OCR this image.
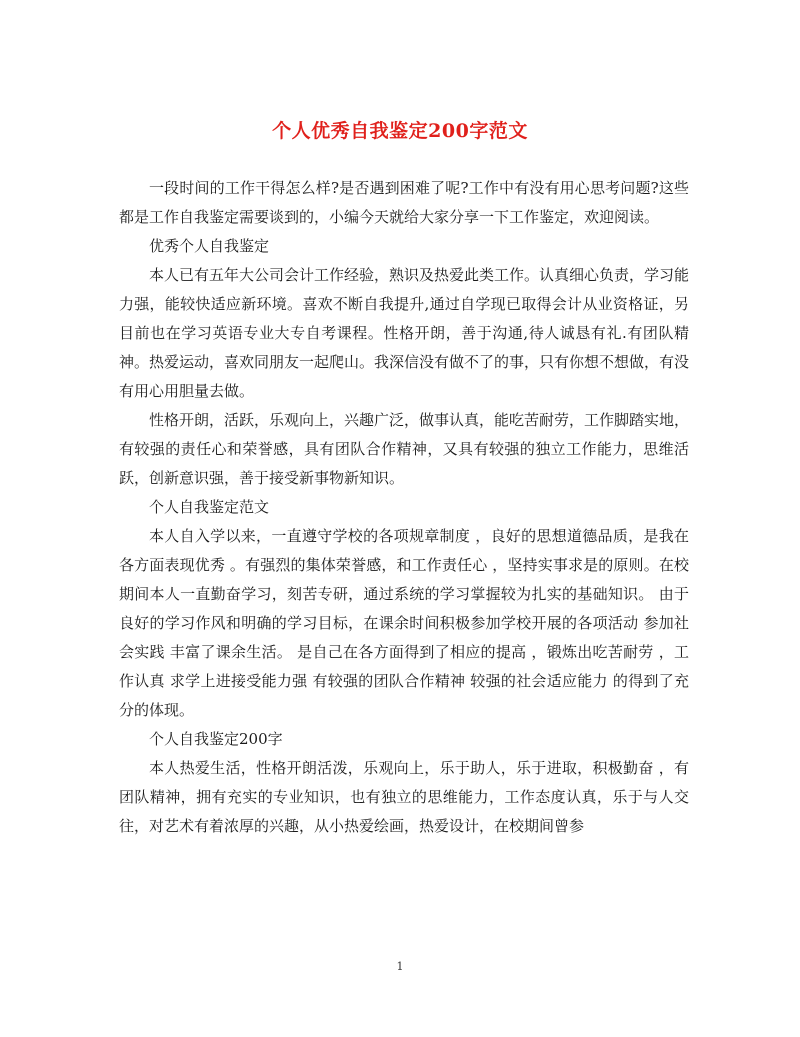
个人优秀自我鉴定200字范文

一段时间的工作干得怎么样?是否遇到困难了呢?工作中有没有用心思考问题?这些都是工作自我鉴定需要谈到的，小编今天就给大家分享一下工作鉴定，欢迎阅读。

优秀个人自我鉴定

本人已有五年大公司会计工作经验，熟识及热爱此类工作。认真细心负责，学习能力强，能较快适应新环境。喜欢不断自我提升,通过自学现已取得会计从业资格证，另目前也在学习英语专业大专自考课程。性格开朗，善于沟通,待人诚恳有礼.有团队精神。热爱运动，喜欢同朋友一起爬山。我深信没有做不了的事，只有你想不想做，有没有用心用胆量去做。

性格开朗，活跃，乐观向上，兴趣广泛，做事认真，能吃苦耐劳，工作脚踏实地，有较强的责任心和荣誉感，具有团队合作精神，又具有较强的独立工作能力，思维活跃，创新意识强，善于接受新事物新知识。

个人自我鉴定范文

本人自入学以来，一直遵守学校的各项规章制度 ，良好的思想道德品质，是我在各方面表现优秀 。有强烈的集体荣誉感，和工作责任心 ，坚持实事求是的原则。在校期间本人一直勤奋学习，刻苦专研，通过系统的学习掌握较为扎实的基础知识。 由于良好的学习作风和明确的学习目标，在课余时间积极参加学校开展的各项活动 参加社会实践 丰富了课余生活。 是自己在各方面得到了相应的提高 ，锻炼出吃苦耐劳 ，工作认真 求学上进接受能力强 有较强的团队合作精神 较强的社会适应能力 的得到了充分的体现。

个人自我鉴定200字

本人热爱生活，性格开朗活泼，乐观向上，乐于助人，乐于进取，积极勤奋 ，有团队精神，拥有充实的专业知识，也有独立的思维能力，工作态度认真，乐于与人交往，对艺术有着浓厚的兴趣，从小热爱绘画，热爱设计，在校期间曾参

1
